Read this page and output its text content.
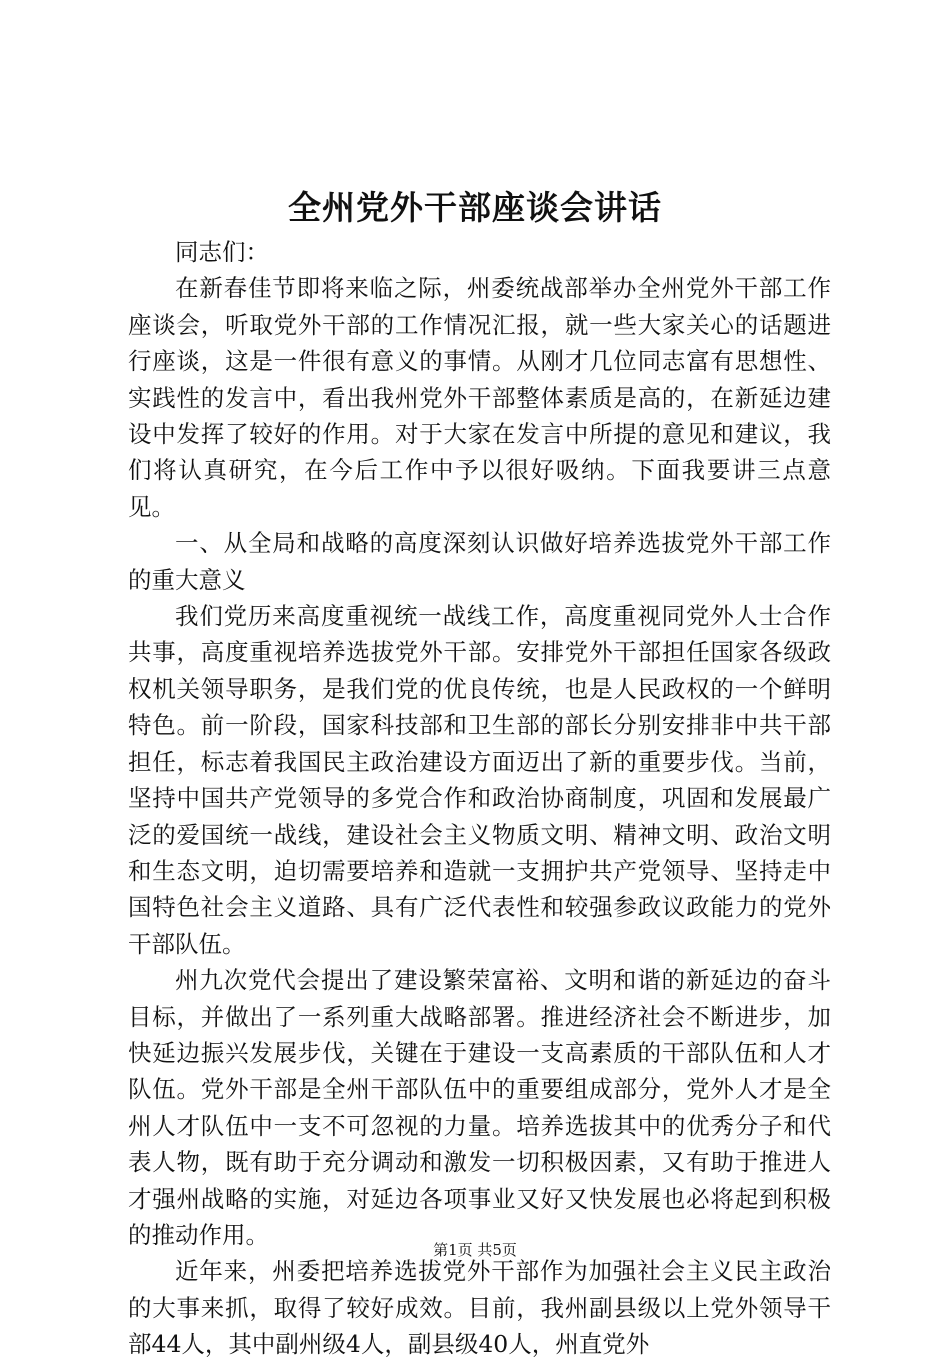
全州党外干部座谈会讲话

同志们：

在新春佳节即将来临之际，州委统战部举办全州党外干部工作座谈会，听取党外干部的工作情况汇报，就一些大家关心的话题进行座谈，这是一件很有意义的事情。从刚才几位同志富有思想性、实践性的发言中，看出我州党外干部整体素质是高的，在新延边建设中发挥了较好的作用。对于大家在发言中所提的意见和建议，我们将认真研究，在今后工作中予以很好吸纳。下面我要讲三点意见。

一、从全局和战略的高度深刻认识做好培养选拔党外干部工作的重大意义

我们党历来高度重视统一战线工作，高度重视同党外人士合作共事，高度重视培养选拔党外干部。安排党外干部担任国家各级政权机关领导职务，是我们党的优良传统，也是人民政权的一个鲜明特色。前一阶段，国家科技部和卫生部的部长分别安排非中共干部担任，标志着我国民主政治建设方面迈出了新的重要步伐。当前，坚持中国共产党领导的多党合作和政治协商制度，巩固和发展最广泛的爱国统一战线，建设社会主义物质文明、精神文明、政治文明和生态文明，迫切需要培养和造就一支拥护共产党领导、坚持走中国特色社会主义道路、具有广泛代表性和较强参政议政能力的党外干部队伍。

州九次党代会提出了建设繁荣富裕、文明和谐的新延边的奋斗目标，并做出了一系列重大战略部署。推进经济社会不断进步，加快延边振兴发展步伐，关键在于建设一支高素质的干部队伍和人才队伍。党外干部是全州干部队伍中的重要组成部分，党外人才是全州人才队伍中一支不可忽视的力量。培养选拔其中的优秀分子和代表人物，既有助于充分调动和激发一切积极因素，又有助于推进人才强州战略的实施，对延边各项事业又好又快发展也必将起到积极的推动作用。

近年来，州委把培养选拔党外干部作为加强社会主义民主政治的大事来抓，取得了较好成效。目前，我州副县级以上党外领导干部44人，其中副州级4人，副县级40人，州直党外

第1页 共5页
